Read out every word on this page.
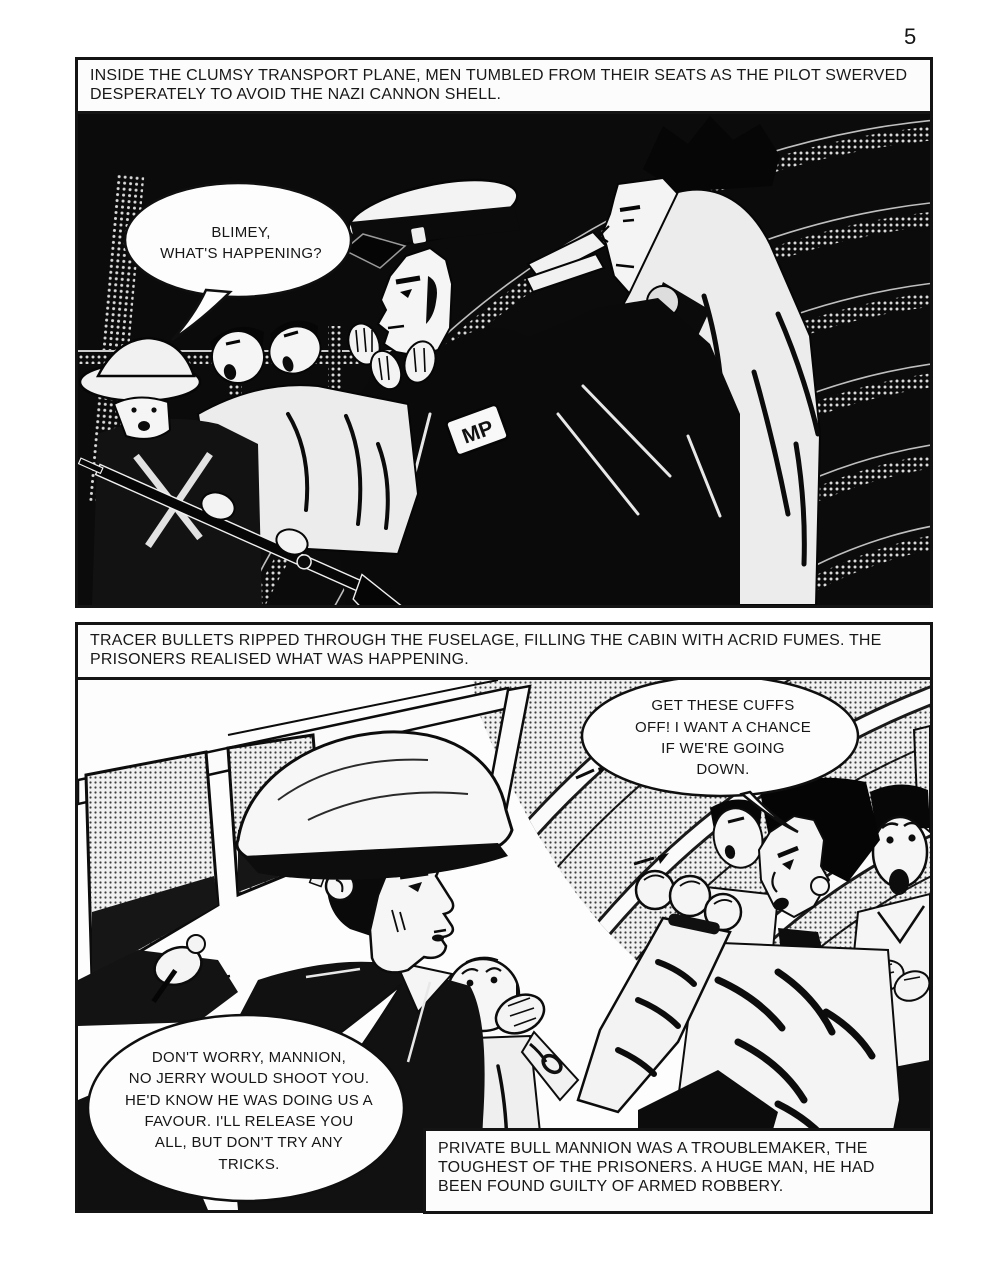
5
INSIDE THE CLUMSY TRANSPORT PLANE, MEN TUMBLED FROM THEIR SEATS AS THE PILOT SWERVED DESPERATELY TO AVOID THE NAZI CANNON SHELL.
MP
BLIMEY,
WHAT'S HAPPENING?
TRACER BULLETS RIPPED THROUGH THE FUSELAGE, FILLING THE CABIN WITH ACRID FUMES. THE PRISONERS REALISED WHAT WAS HAPPENING.
GET THESE CUFFS
OFF! I WANT A CHANCE
IF WE'RE GOING
DOWN.
DON'T WORRY, MANNION,
NO JERRY WOULD SHOOT YOU.
HE'D KNOW HE WAS DOING US A
FAVOUR. I'LL RELEASE YOU
ALL, BUT DON'T TRY ANY
TRICKS.
PRIVATE BULL MANNION WAS A TROUBLEMAKER, THE TOUGHEST OF THE PRISONERS. A HUGE MAN, HE HAD BEEN FOUND GUILTY OF ARMED ROBBERY.
